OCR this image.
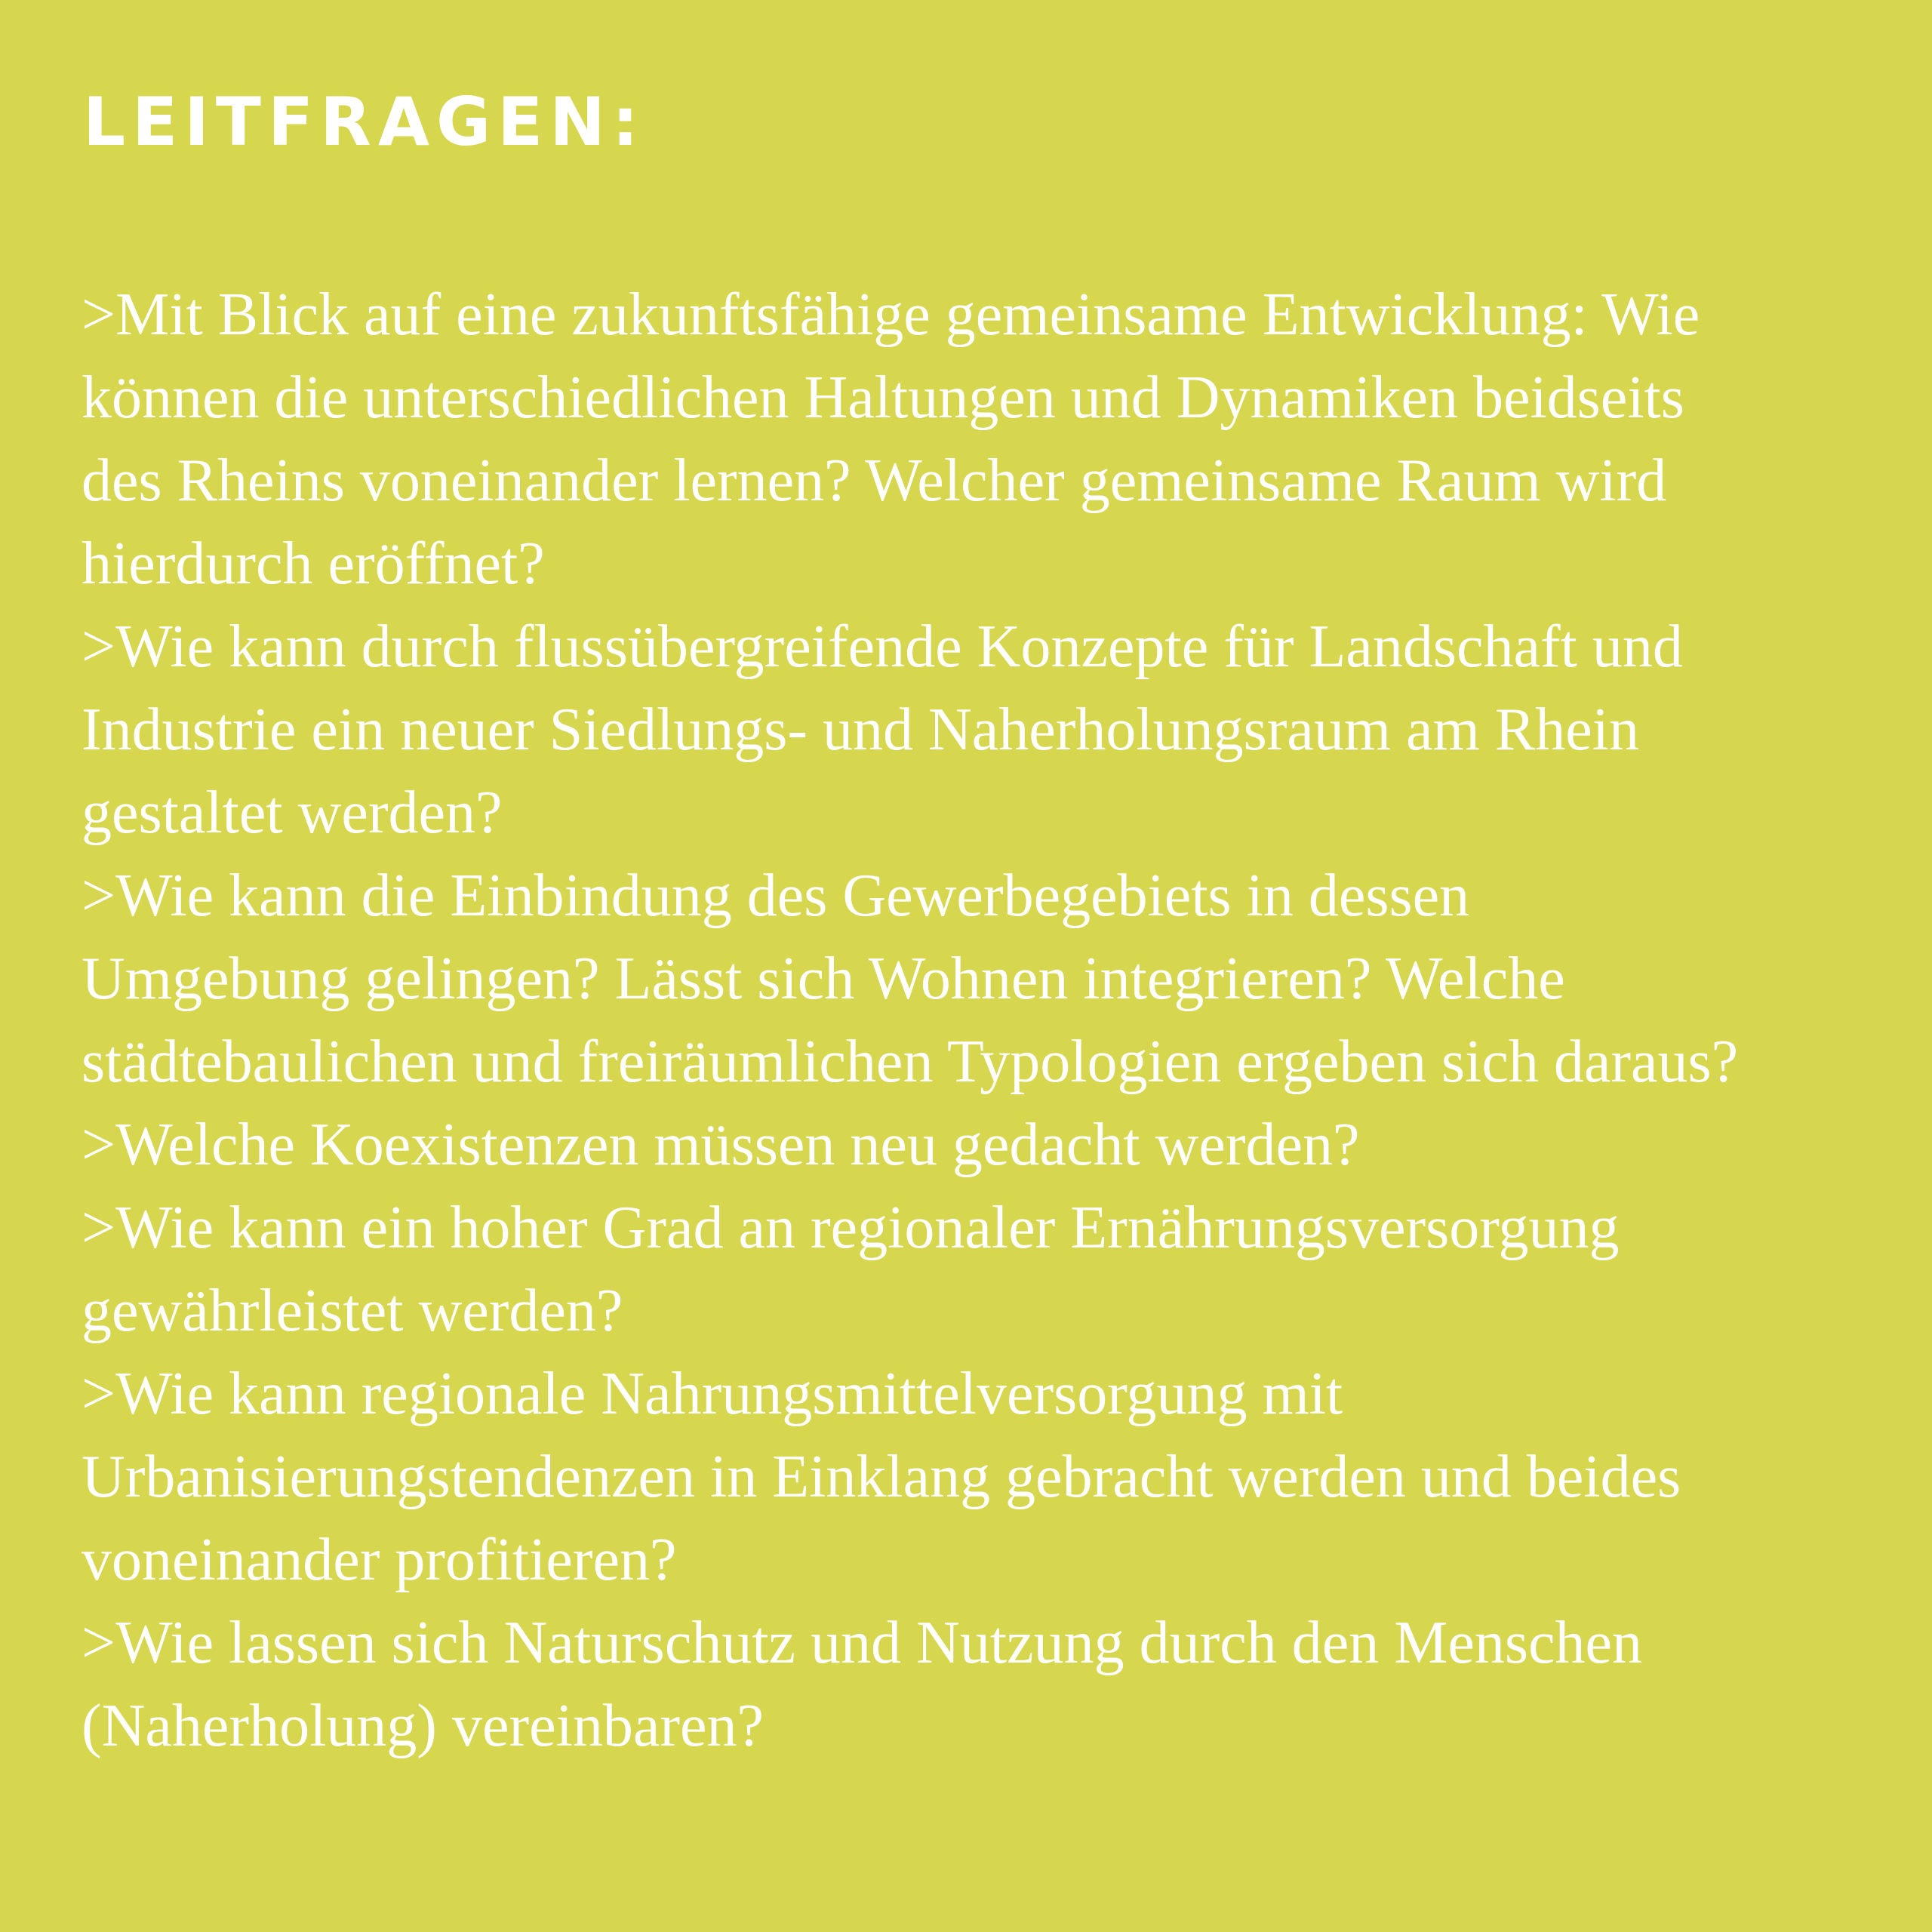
LEITFRAGEN:
>Mit Blick auf eine zukunftsfähige gemeinsame Entwicklung: Wie
können die unterschiedlichen Haltungen und Dynamiken beidseits
des Rheins voneinander lernen? Welcher gemeinsame Raum wird
hierdurch eröffnet?
>Wie kann durch flussübergreifende Konzepte für Landschaft und
Industrie ein neuer Siedlungs- und Naherholungsraum am Rhein
gestaltet werden?
>Wie kann die Einbindung des Gewerbegebiets in dessen
Umgebung gelingen? Lässt sich Wohnen integrieren? Welche
städtebaulichen und freiräumlichen Typologien ergeben sich daraus?
>Welche Koexistenzen müssen neu gedacht werden?
>Wie kann ein hoher Grad an regionaler Ernährungsversorgung
gewährleistet werden?
>Wie kann regionale Nahrungsmittelversorgung mit
Urbanisierungstendenzen in Einklang gebracht werden und beides
voneinander profitieren?
>Wie lassen sich Naturschutz und Nutzung durch den Menschen
(Naherholung) vereinbaren?
